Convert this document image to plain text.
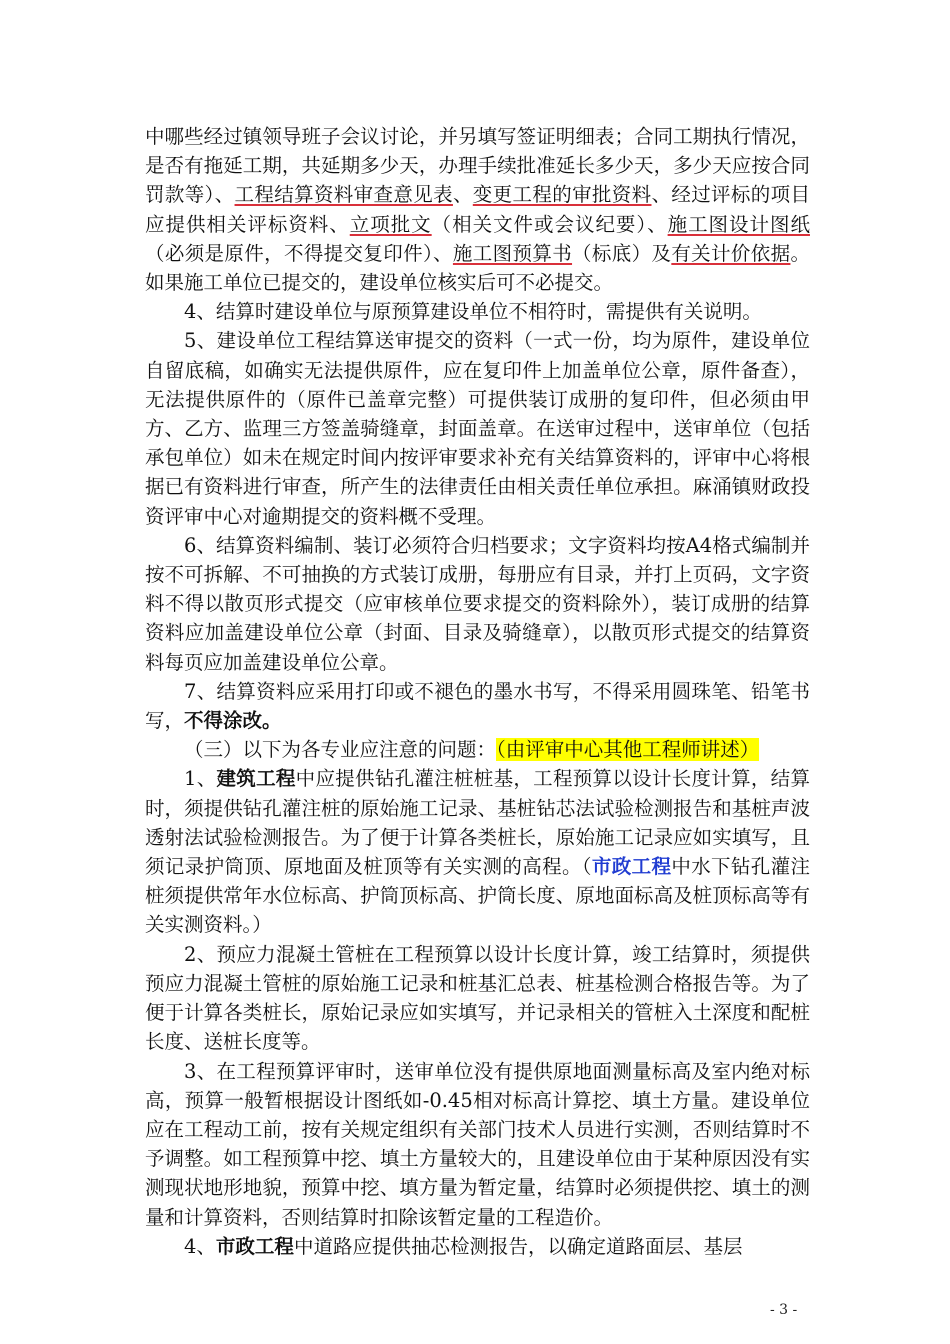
中哪些经过镇领导班子会议讨论，并另填写签证明细表；合同工期执行情况，是否有拖延工期，共延期多少天，办理手续批准延长多少天，多少天应按合同罚款等）、工程结算资料审查意见表、变更工程的审批资料、经过评标的项目应提供相关评标资料、立项批文（相关文件或会议纪要）、施工图设计图纸（必须是原件，不得提交复印件）、施工图预算书（标底）及有关计价依据。如果施工单位已提交的，建设单位核实后可不必提交。

4、结算时建设单位与原预算建设单位不相符时，需提供有关说明。

5、建设单位工程结算送审提交的资料（一式一份，均为原件，建设单位自留底稿，如确实无法提供原件，应在复印件上加盖单位公章，原件备查），无法提供原件的（原件已盖章完整）可提供装订成册的复印件，但必须由甲方、乙方、监理三方签盖骑缝章，封面盖章。在送审过程中，送审单位（包括承包单位）如未在规定时间内按评审要求补充有关结算资料的，评审中心将根据已有资料进行审查，所产生的法律责任由相关责任单位承担。麻涌镇财政投资评审中心对逾期提交的资料概不受理。

6、结算资料编制、装订必须符合归档要求；文字资料均按A4格式编制并按不可拆解、不可抽换的方式装订成册，每册应有目录，并打上页码，文字资料不得以散页形式提交（应审核单位要求提交的资料除外），装订成册的结算资料应加盖建设单位公章（封面、目录及骑缝章），以散页形式提交的结算资料每页应加盖建设单位公章。

7、结算资料应采用打印或不褪色的墨水书写，不得采用圆珠笔、铅笔书写，不得涂改。

（三）以下为各专业应注意的问题：（由评审中心其他工程师讲述）

1、建筑工程中应提供钻孔灌注桩桩基，工程预算以设计长度计算，结算时，须提供钻孔灌注桩的原始施工记录、基桩钻芯法试验检测报告和基桩声波透射法试验检测报告。为了便于计算各类桩长，原始施工记录应如实填写，且须记录护筒顶、原地面及桩顶等有关实测的高程。（市政工程中水下钻孔灌注桩须提供常年水位标高、护筒顶标高、护筒长度、原地面标高及桩顶标高等有关实测资料。）

2、预应力混凝土管桩在工程预算以设计长度计算，竣工结算时，须提供预应力混凝土管桩的原始施工记录和桩基汇总表、桩基检测合格报告等。为了便于计算各类桩长，原始记录应如实填写，并记录相关的管桩入土深度和配桩长度、送桩长度等。

3、在工程预算评审时，送审单位没有提供原地面测量标高及室内绝对标高，预算一般暂根据设计图纸如-0.45相对标高计算挖、填土方量。建设单位应在工程动工前，按有关规定组织有关部门技术人员进行实测，否则结算时不予调整。如工程预算中挖、填土方量较大的，且建设单位由于某种原因没有实测现状地形地貌，预算中挖、填方量为暂定量，结算时必须提供挖、填土的测量和计算资料，否则结算时扣除该暂定量的工程造价。

4、市政工程中道路应提供抽芯检测报告，以确定道路面层、基层

- 3 -
